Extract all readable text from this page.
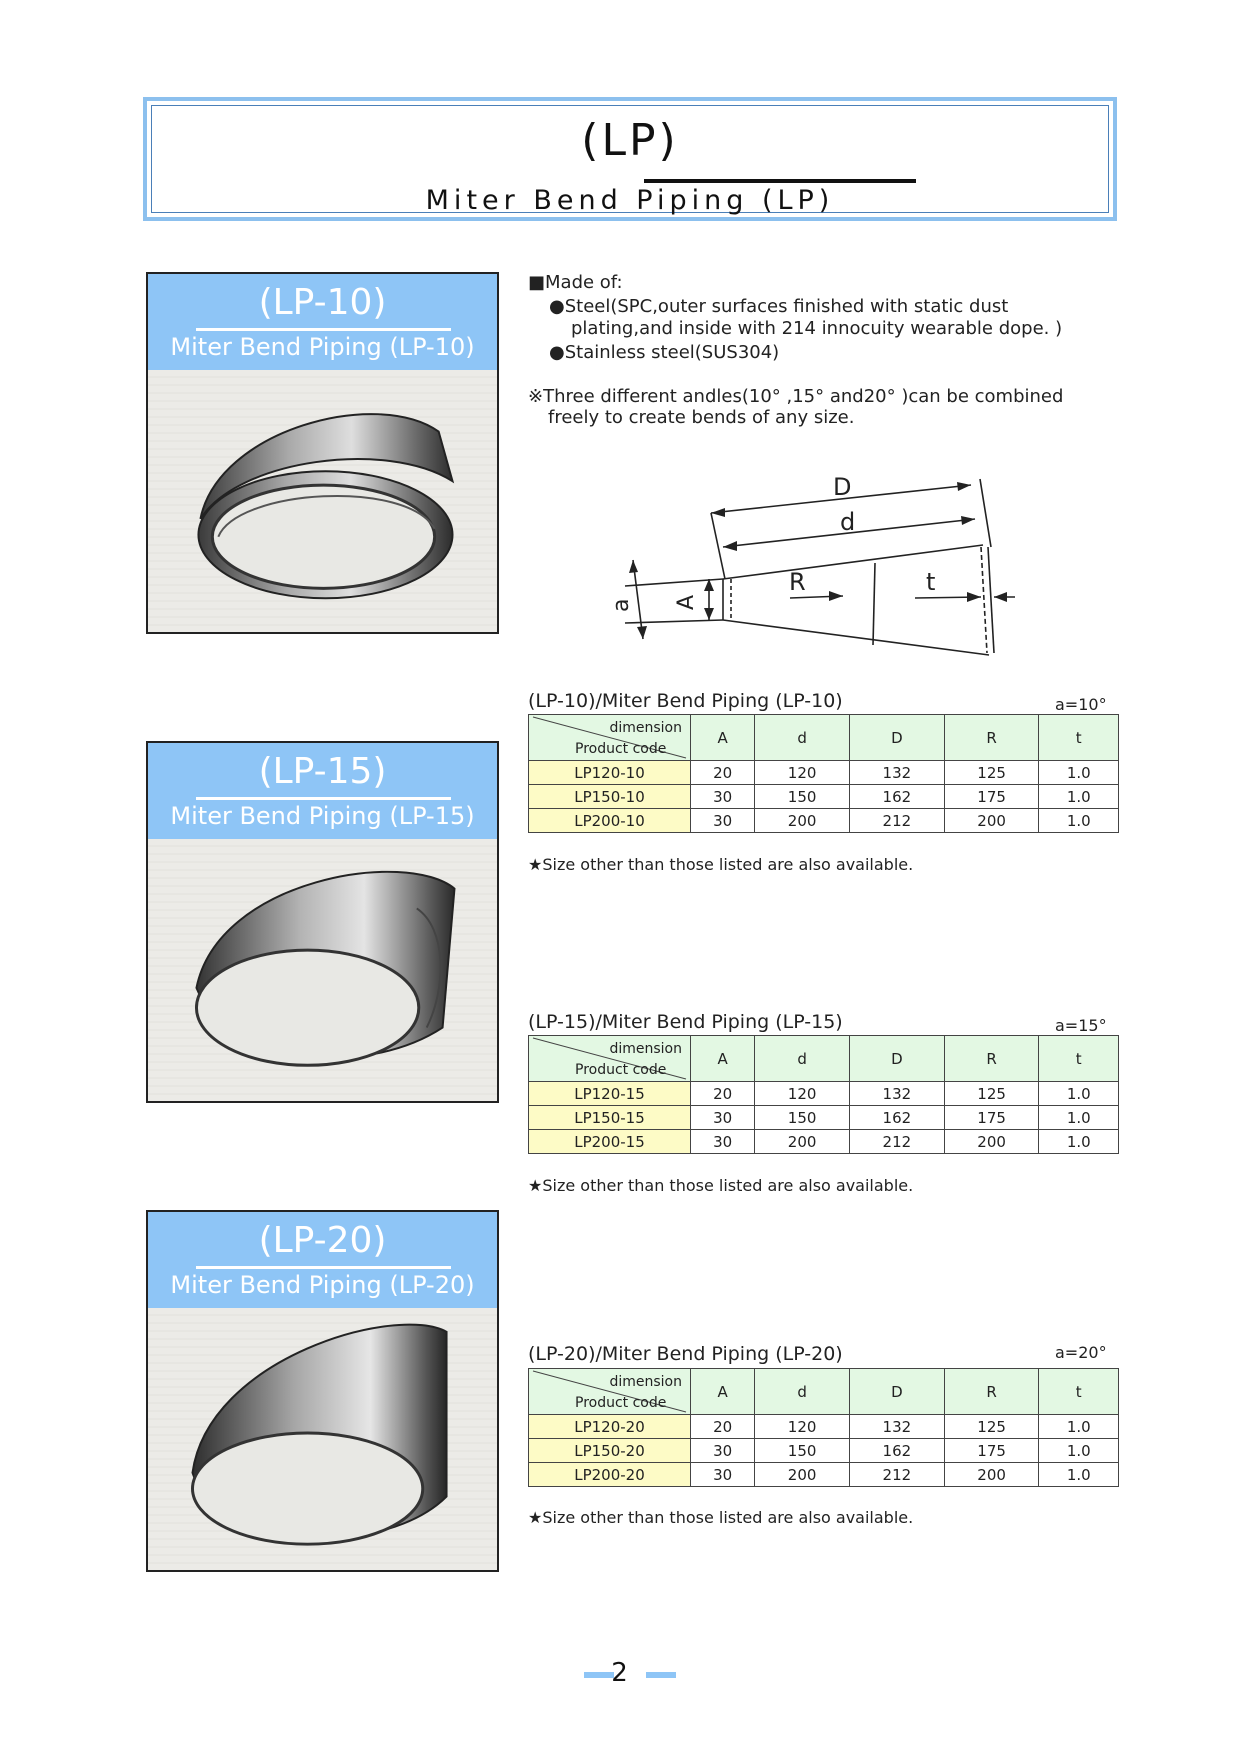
(LP)
Miter Bend Piping (LP)
(LP-10)
Miter Bend Piping (LP-10)
(LP-15)
Miter Bend Piping (LP-15)
(LP-20)
Miter Bend Piping (LP-20)
■Made of:
●Steel(SPC,outer surfaces finished with static dust
plating,and inside with 214 innocuity wearable dope. )
●Stainless steel(SUS304)
※Three different andles(10° ,15° and20° )can be combined
freely to create bends of any size.
D
d
R	t
A
a
(LP-10)/Miter Bend Piping (LP-10)	a=10°
dimension
Product code	A	d	D	R	t
LP120-10	20	120	132	125	1.0
LP150-10	30	150	162	175	1.0
LP200-10	30	200	212	200	1.0
★Size other than those listed are also available.
(LP-15)/Miter Bend Piping (LP-15)	a=15°
dimension
Product code	A	d	D	R	t
LP120-15	20	120	132	125	1.0
LP150-15	30	150	162	175	1.0
LP200-15	30	200	212	200	1.0
★Size other than those listed are also available.
(LP-20)/Miter Bend Piping (LP-20)	a=20°
dimension
Product code	A	d	D	R	t
LP120-20	20	120	132	125	1.0
LP150-20	30	150	162	175	1.0
LP200-20	30	200	212	200	1.0
★Size other than those listed are also available.
2
